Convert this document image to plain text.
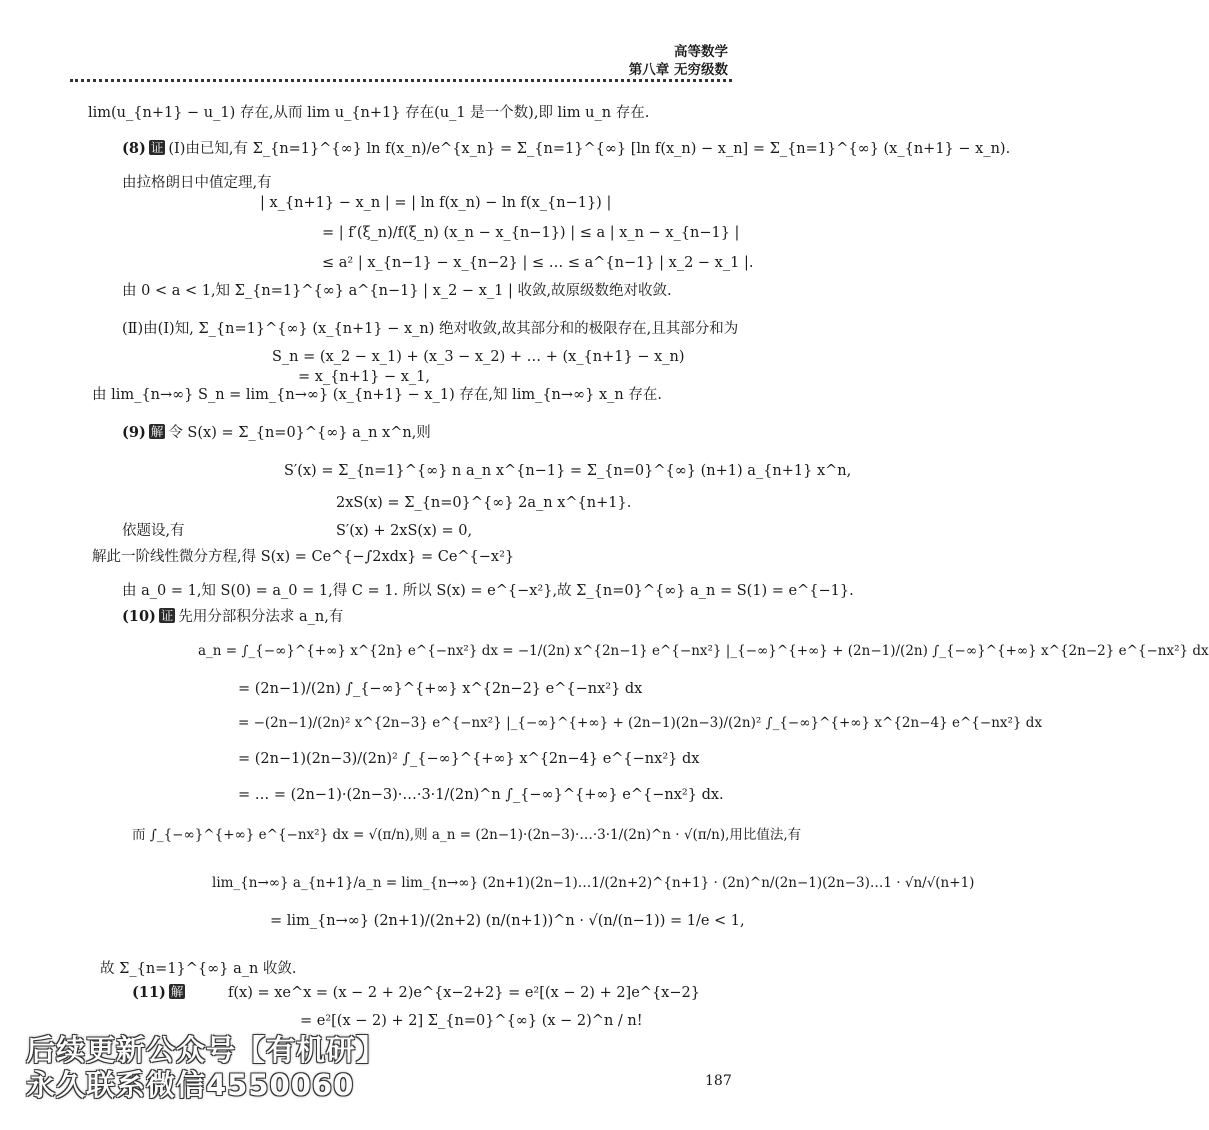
高等数学
第八章 无穷级数
lim(u_{n+1} − u_1) 存在,从而 lim u_{n+1} 存在(u_1 是一个数),即 lim u_n 存在.
(8) 证 (Ⅰ)由已知,有 Σ_{n=1}^{∞} ln f(x_n)/e^{x_n} = Σ_{n=1}^{∞} [ln f(x_n) − x_n] = Σ_{n=1}^{∞} (x_{n+1} − x_n).
由拉格朗日中值定理,有
| x_{n+1} − x_n | = | ln f(x_n) − ln f(x_{n−1}) |
= | f′(ξ_n)/f(ξ_n) (x_n − x_{n−1}) | ≤ a | x_n − x_{n−1} |
≤ a² | x_{n−1} − x_{n−2} | ≤ … ≤ a^{n−1} | x_2 − x_1 |.
由 0 < a < 1,知 Σ_{n=1}^{∞} a^{n−1} | x_2 − x_1 | 收敛,故原级数绝对收敛.
(Ⅱ)由(Ⅰ)知, Σ_{n=1}^{∞} (x_{n+1} − x_n) 绝对收敛,故其部分和的极限存在,且其部分和为
S_n = (x_2 − x_1) + (x_3 − x_2) + … + (x_{n+1} − x_n)
= x_{n+1} − x_1,
由 lim_{n→∞} S_n = lim_{n→∞} (x_{n+1} − x_1) 存在,知 lim_{n→∞} x_n 存在.
(9) 解 令 S(x) = Σ_{n=0}^{∞} a_n x^n,则
S′(x) = Σ_{n=1}^{∞} n a_n x^{n−1} = Σ_{n=0}^{∞} (n+1) a_{n+1} x^n,
2xS(x) = Σ_{n=0}^{∞} 2a_n x^{n+1}.
依题设,有	S′(x) + 2xS(x) = 0,
解此一阶线性微分方程,得 S(x) = Ce^{−∫2xdx} = Ce^{−x²}
由 a_0 = 1,知 S(0) = a_0 = 1,得 C = 1. 所以 S(x) = e^{−x²},故 Σ_{n=0}^{∞} a_n = S(1) = e^{−1}.
(10) 证 先用分部积分法求 a_n,有
a_n = ∫_{−∞}^{+∞} x^{2n} e^{−nx²} dx = −1/(2n) x^{2n−1} e^{−nx²} |_{−∞}^{+∞} + (2n−1)/(2n) ∫_{−∞}^{+∞} x^{2n−2} e^{−nx²} dx
= (2n−1)/(2n) ∫_{−∞}^{+∞} x^{2n−2} e^{−nx²} dx
= −(2n−1)/(2n)² x^{2n−3} e^{−nx²} |_{−∞}^{+∞} + (2n−1)(2n−3)/(2n)² ∫_{−∞}^{+∞} x^{2n−4} e^{−nx²} dx
= (2n−1)(2n−3)/(2n)² ∫_{−∞}^{+∞} x^{2n−4} e^{−nx²} dx
= … = (2n−1)·(2n−3)·…·3·1/(2n)^n ∫_{−∞}^{+∞} e^{−nx²} dx.
而 ∫_{−∞}^{+∞} e^{−nx²} dx = √(π/n),则 a_n = (2n−1)·(2n−3)·…·3·1/(2n)^n · √(π/n),用比值法,有
lim_{n→∞} a_{n+1}/a_n = lim_{n→∞} (2n+1)(2n−1)…1/(2n+2)^{n+1} · (2n)^n/(2n−1)(2n−3)…1 · √n/√(n+1)
= lim_{n→∞} (2n+1)/(2n+2) (n/(n+1))^n · √(n/(n−1)) = 1/e < 1,
故 Σ_{n=1}^{∞} a_n 收敛.
(11) 解	f(x) = xe^x = (x − 2 + 2)e^{x−2+2} = e²[(x − 2) + 2]e^{x−2}
= e²[(x − 2) + 2] Σ_{n=0}^{∞} (x − 2)^n / n!
187
后续更新公众号【有机研】
永久联系微信4550060
